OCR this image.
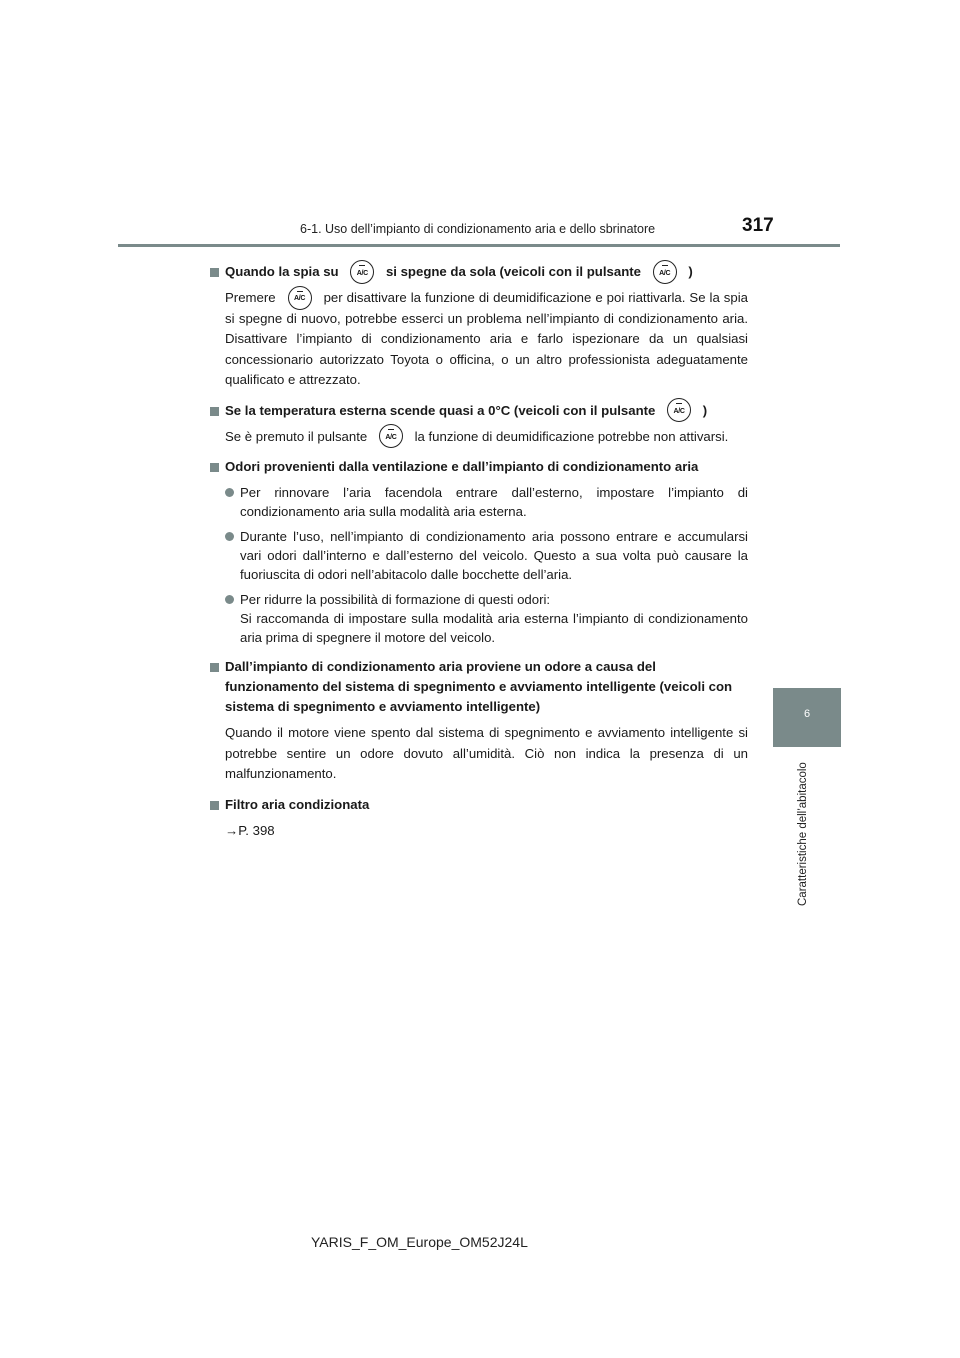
6-1. Uso dell’impianto di condizionamento aria e dello sbrinatore	317
6
Caratteristiche dell’abitacolo
Quando la spia su	A/C si spegne da sola (veicoli con il pulsante	A/C )
Premere	A/C per disattivare la funzione di deumidificazione e poi riattivarla. Se la spia si spegne di nuovo, potrebbe esserci un problema nell’impianto di condizionamento aria. Disattivare l’impianto di condizionamento aria e farlo ispezionare da un qualsiasi concessionario autorizzato Toyota o officina, o un altro professionista adeguatamente qualificato e attrezzato.
Se la temperatura esterna scende quasi a 0°C (veicoli con il pulsante	A/C )
Se è premuto il pulsante	A/C la funzione di deumidificazione potrebbe non attivarsi.
Odori provenienti dalla ventilazione e dall’impianto di condizionamento aria
Per rinnovare l’aria facendola entrare dall’esterno, impostare l’impianto di condizionamento aria sulla modalità aria esterna.
Durante l’uso, nell’impianto di condizionamento aria possono entrare e accumularsi vari odori dall’interno e dall’esterno del veicolo. Questo a sua volta può causare la fuoriuscita di odori nell’abitacolo dalle bocchette dell’aria.
Per ridurre la possibilità di formazione di questi odori:
Si raccomanda di impostare sulla modalità aria esterna l’impianto di condizionamento aria prima di spegnere il motore del veicolo.
Dall’impianto di condizionamento aria proviene un odore a causa del funzionamento del sistema di spegnimento e avviamento intelligente (veicoli con sistema di spegnimento e avviamento intelligente)
Quando il motore viene spento dal sistema di spegnimento e avviamento intelligente si potrebbe sentire un odore dovuto all’umidità. Ciò non indica la presenza di un malfunzionamento.
Filtro aria condizionata
→P. 398
YARIS_F_OM_Europe_OM52J24L
